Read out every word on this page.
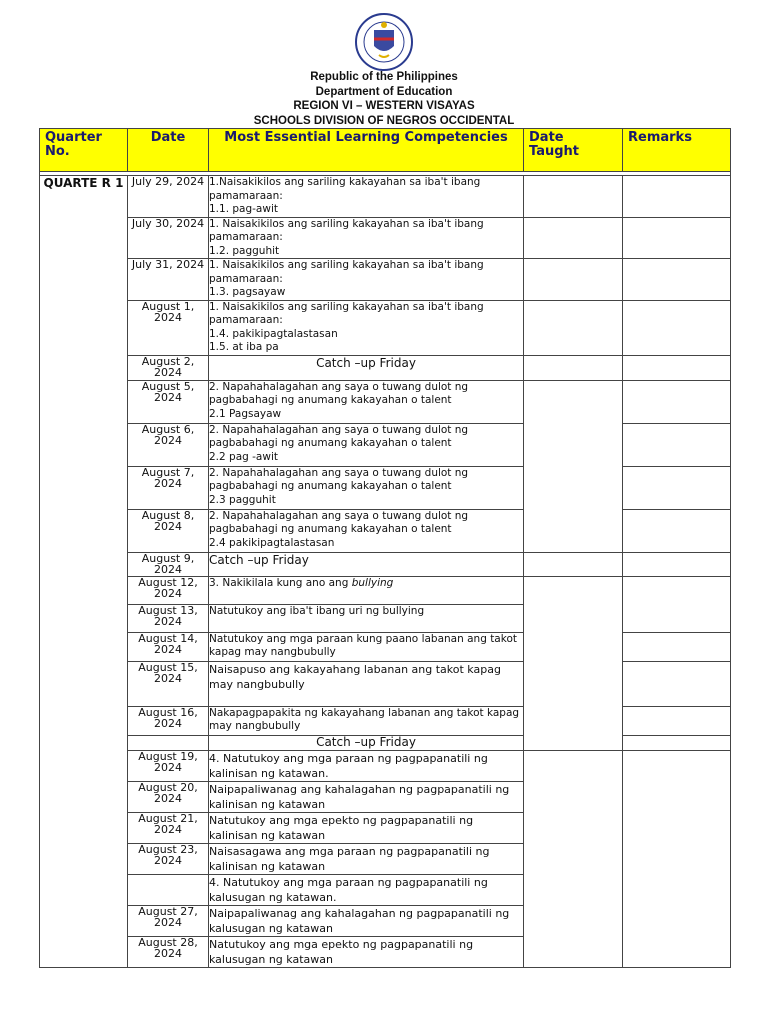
Republic of the Philippines
Department of Education
REGION VI – WESTERN VISAYAS
SCHOOLS DIVISION OF NEGROS OCCIDENTAL
Quarter No.	Date	Most Essential Learning Competencies	Date Taught	Remarks

QUARTE R 1	July 29, 2024	1.Naisakikilos ang sariling kakayahan sa iba't ibang pamamaraan:
1.1. pag-awit		

	July 30, 2024	1. Naisakikilos ang sariling kakayahan sa iba't ibang pamamaraan:
1.2. pagguhit		

	July 31, 2024	1. Naisakikilos ang sariling kakayahan sa iba't ibang pamamaraan:
1.3. pagsayaw		

	August 1, 2024	1. Naisakikilos ang sariling kakayahan sa iba't ibang pamamaraan:
1.4. pakikipagtalastasan
1.5. at iba pa		

	August 2, 2024	Catch –up Friday		
	August 5, 2024	2. Napahahalagahan ang saya o tuwang dulot ng pagbabahagi ng anumang kakayahan o talent
2.1 Pagsayaw		

	August 6, 2024	2. Napahahalagahan ang saya o tuwang dulot ng pagbabahagi ng anumang kakayahan o talent
2.2 pag -awit		

	August 7, 2024	2. Napahahalagahan ang saya o tuwang dulot ng pagbabahagi ng anumang kakayahan o talent
2.3 pagguhit		

	August 8, 2024	2. Napahahalagahan ang saya o tuwang dulot ng pagbabahagi ng anumang kakayahan o talent
2.4 pakikipagtalastasan		

	August 9, 2024	Catch –up Friday		
	August 12, 2024	3. Nakikilala kung ano ang bullying		
	August 13, 2024	Natutukoy ang iba't ibang uri ng bullying		
	August 14, 2024	Natutukoy ang mga paraan kung paano labanan ang takot kapag may nangbubully		
	August 15, 2024	Naisapuso ang kakayahang labanan ang takot kapag may nangbubully		
	August 16, 2024	Nakapagpapakita ng kakayahang labanan ang takot kapag may nangbubully		
		Catch –up Friday		
	August 19, 2024	4. Natutukoy ang mga paraan ng pagpapanatili ng kalinisan ng katawan.		
	August 20, 2024	Naipapaliwanag ang kahalagahan ng pagpapanatili ng kalinisan ng katawan		
	August 21, 2024	Natutukoy ang mga epekto ng pagpapanatili ng kalinisan ng katawan		
	August 23, 2024	Naisasagawa ang mga paraan ng pagpapanatili ng kalinisan ng katawan		
		4. Natutukoy ang mga paraan ng pagpapanatili ng kalusugan ng katawan.		
	August 27, 2024	Naipapaliwanag ang kahalagahan ng pagpapanatili ng kalusugan ng katawan		
	August 28, 2024	Natutukoy ang mga epekto ng pagpapanatili ng kalusugan ng katawan		
